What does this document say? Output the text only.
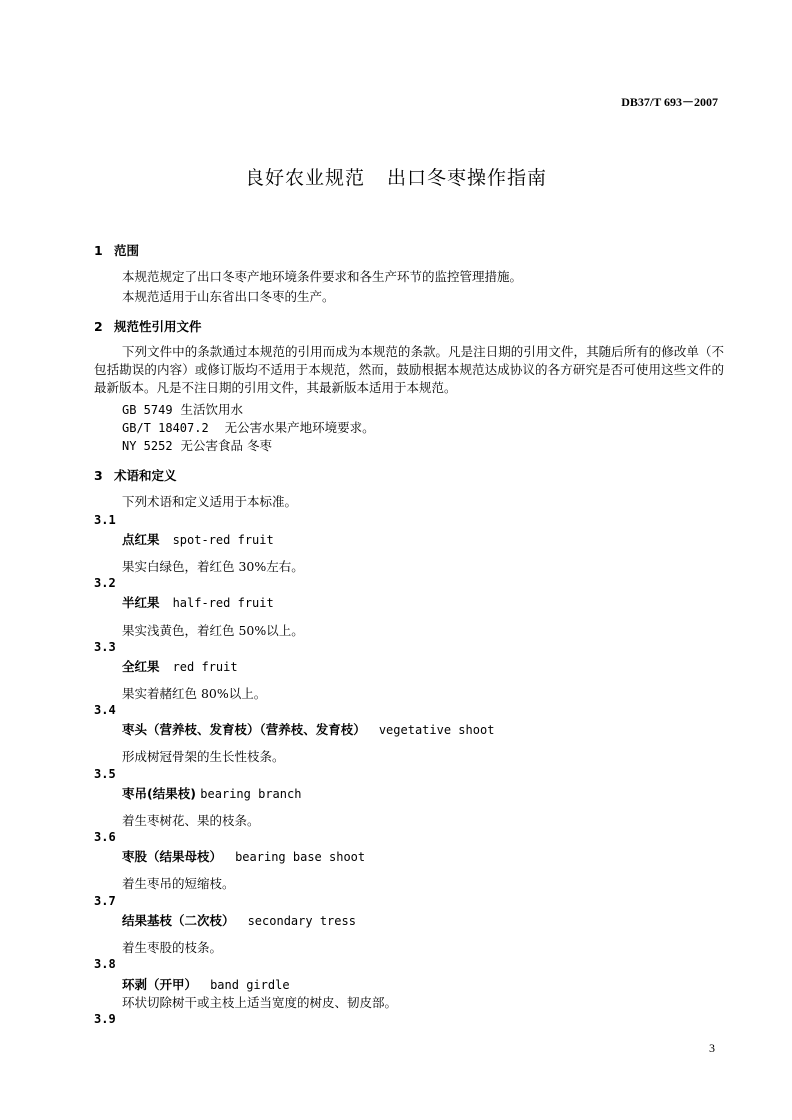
DB37/T 693－2007
良好农业规范 出口冬枣操作指南
1 范围
本规范规定了出口冬枣产地环境条件要求和各生产环节的监控管理措施。
本规范适用于山东省出口冬枣的生产。
2 规范性引用文件
下列文件中的条款通过本规范的引用而成为本规范的条款。凡是注日期的引用文件，其随后所有的修改单（不包括勘误的内容）或修订版均不适用于本规范，然而，鼓励根据本规范达成协议的各方研究是否可使用这些文件的最新版本。凡是不注日期的引用文件，其最新版本适用于本规范。
GB 5749 生活饮用水
GB/T 18407.2 无公害水果产地环境要求。
NY 5252 无公害食品 冬枣
3 术语和定义
下列术语和定义适用于本标准。
3.1
点红果 spot-red fruit
果实白绿色，着红色 30%左右。
3.2
半红果 half-red fruit
果实浅黄色，着红色 50%以上。
3.3
全红果 red fruit
果实着赭红色 80%以上。
3.4
枣头（营养枝、发育枝）（营养枝、发育枝） vegetative shoot
形成树冠骨架的生长性枝条。
3.5
枣吊(结果枝) bearing branch
着生枣树花、果的枝条。
3.6
枣股（结果母枝） bearing base shoot
着生枣吊的短缩枝。
3.7
结果基枝（二次枝） secondary tress
着生枣股的枝条。
3.8
环剥（开甲） band girdle
环状切除树干或主枝上适当宽度的树皮、韧皮部。
3.9
3
